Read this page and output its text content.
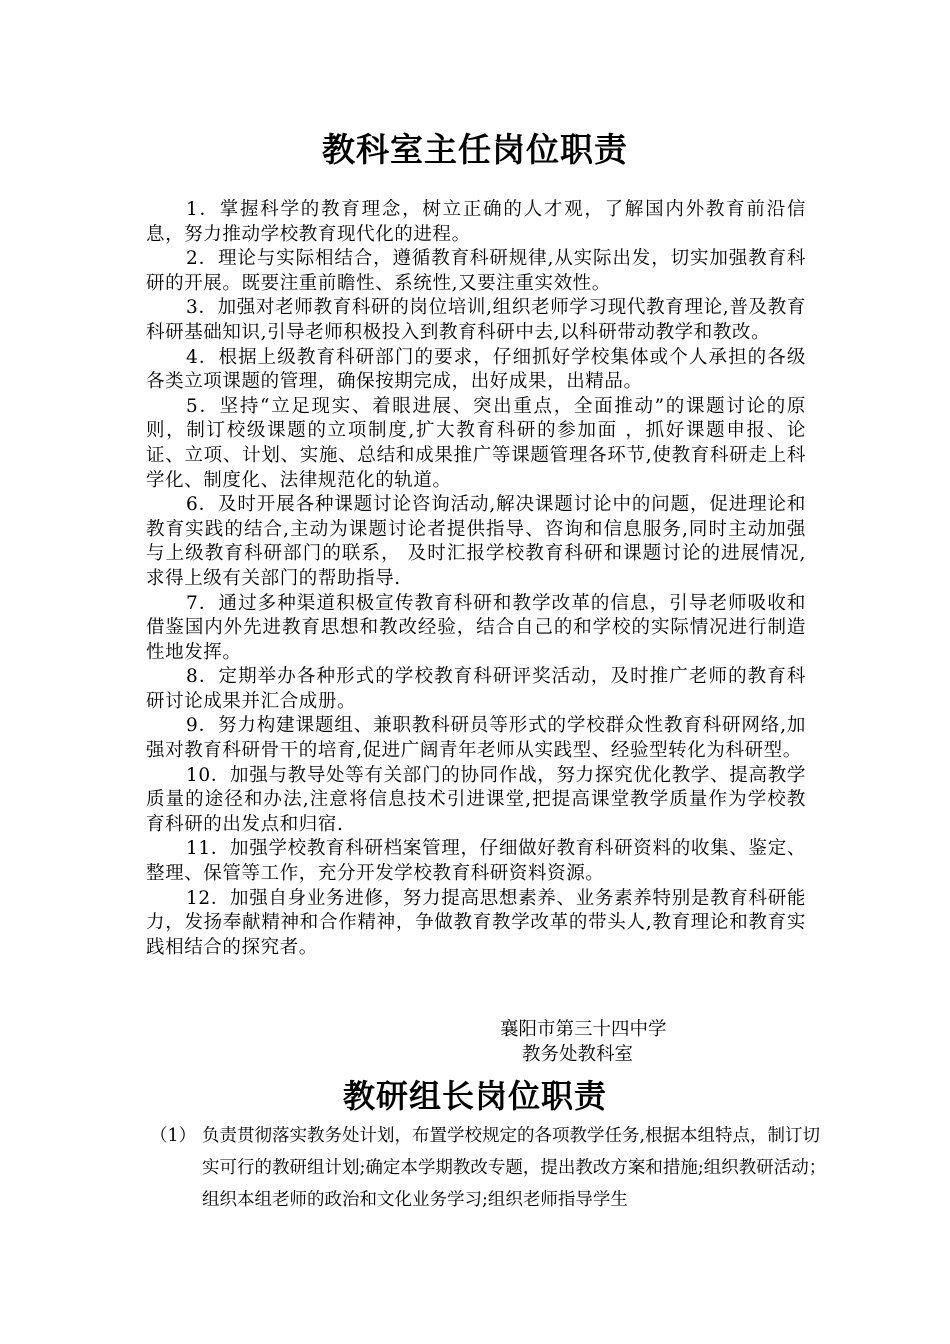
教科室主任岗位职责

1．掌握科学的教育理念，树立正确的人才观，了解国内外教育前沿信息，努力推动学校教育现代化的进程。

2．理论与实际相结合，遵循教育科研规律,从实际出发，切实加强教育科研的开展。既要注重前瞻性、系统性,又要注重实效性。

3．加强对老师教育科研的岗位培训,组织老师学习现代教育理论,普及教育科研基础知识,引导老师积极投入到教育科研中去,以科研带动教学和教改。

4．根据上级教育科研部门的要求，仔细抓好学校集体或个人承担的各级各类立项课题的管理，确保按期完成，出好成果，出精品。

5．坚持“立足现实、着眼进展、突出重点，全面推动”的课题讨论的原则，制订校级课题的立项制度,扩大教育科研的参加面 ，抓好课题申报、论证、立项、计划、实施、总结和成果推广等课题管理各环节,使教育科研走上科学化、制度化、法律规范化的轨道。

6．及时开展各种课题讨论咨询活动,解决课题讨论中的问题，促进理论和教育实践的结合,主动为课题讨论者提供指导、咨询和信息服务,同时主动加强与上级教育科研部门的联系， 及时汇报学校教育科研和课题讨论的进展情况,求得上级有关部门的帮助指导.

7．通过多种渠道积极宣传教育科研和教学改革的信息，引导老师吸收和借鉴国内外先进教育思想和教改经验，结合自己的和学校的实际情况进行制造性地发挥。

8．定期举办各种形式的学校教育科研评奖活动，及时推广老师的教育科研讨论成果并汇合成册。

9．努力构建课题组、兼职教科研员等形式的学校群众性教育科研网络,加强对教育科研骨干的培育,促进广阔青年老师从实践型、经验型转化为科研型。

10．加强与教导处等有关部门的协同作战，努力探究优化教学、提高教学质量的途径和办法,注意将信息技术引进课堂,把提高课堂教学质量作为学校教育科研的出发点和归宿.

11．加强学校教育科研档案管理，仔细做好教育科研资料的收集、鉴定、整理、保管等工作，充分开发学校教育科研资料资源。

12．加强自身业务进修，努力提高思想素养、业务素养特别是教育科研能力，发扬奉献精神和合作精神，争做教育教学改革的带头人,教育理论和教育实践相结合的探究者。

襄阳市第三十四中学
教务处教科室
教研组长岗位职责
（1） 负责贯彻落实教务处计划，布置学校规定的各项教学任务,根据本组特点，制订切实可行的教研组计划;确定本学期教改专题，提出教改方案和措施;组织教研活动；组织本组老师的政治和文化业务学习;组织老师指导学生
